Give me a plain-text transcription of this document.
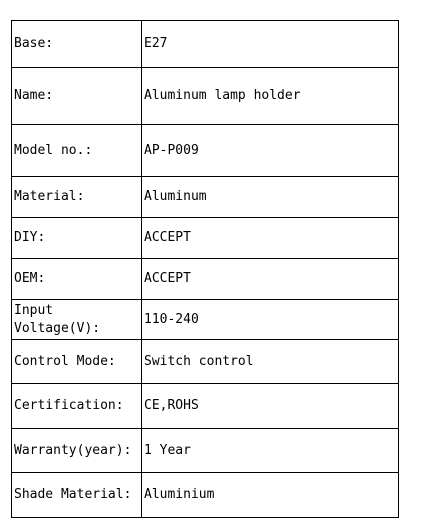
Base:	E27
Name:	Aluminum lamp holder
Model no.:	AP-P009
Material:	Aluminum
DIY:	ACCEPT
OEM:	ACCEPT
Input Voltage(V):	110-240
Control Mode:	Switch control
Certification:	CE,ROHS
Warranty(year):	1 Year
Shade Material:	Aluminium
